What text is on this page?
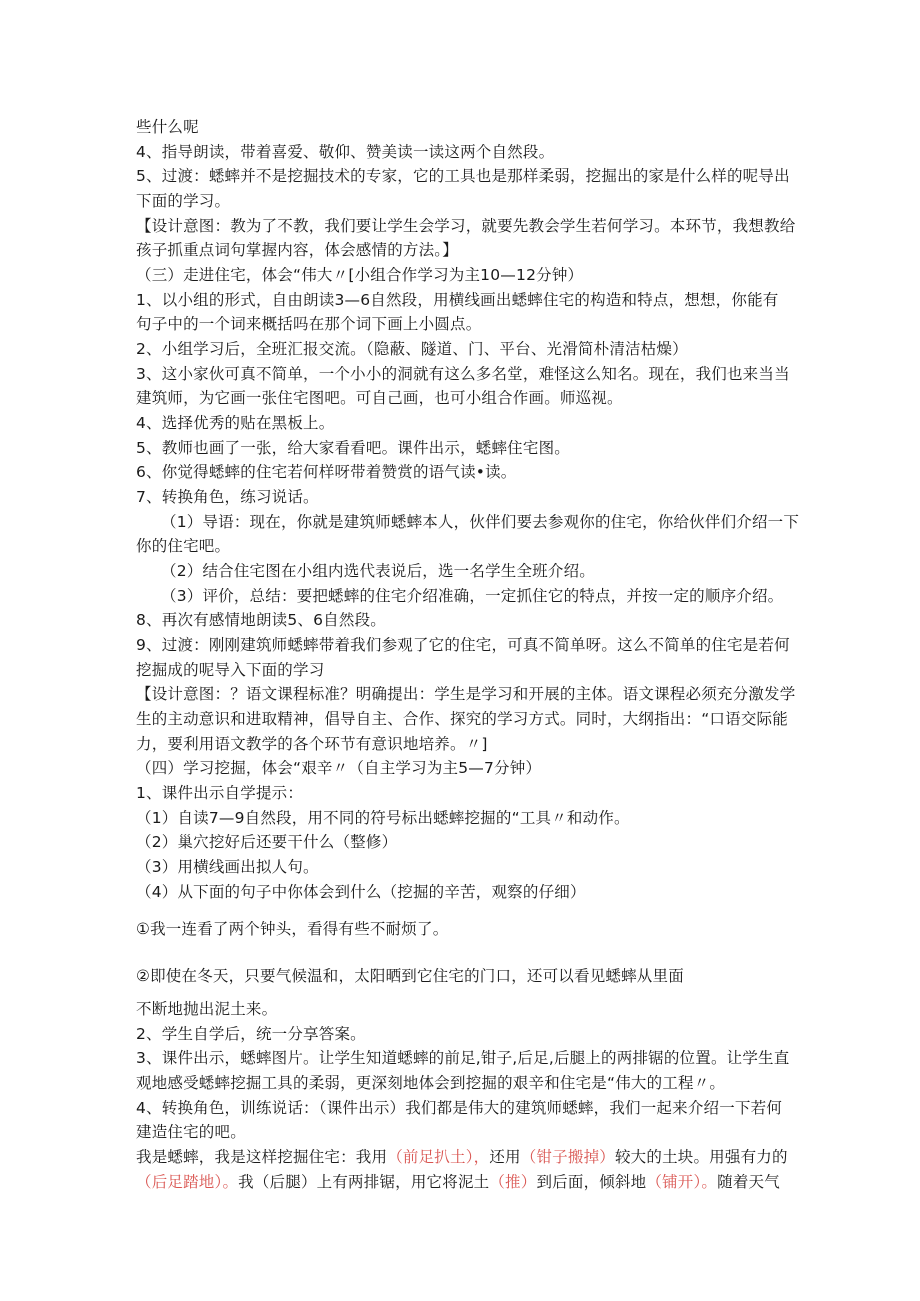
些什么呢
4、指导朗读，带着喜爱、敬仰、赞美读一读这两个自然段。
5、过渡：蟋蟀并不是挖掘技术的专家，它的工具也是那样柔弱，挖掘出的家是什么样的呢导出
下面的学习。
【设计意图：教为了不教，我们要让学生会学习，就要先教会学生若何学习。本环节，我想教给
孩子抓重点词句掌握内容，体会感情的方法。】
（三）走进住宅，体会“伟大〃[小组合作学习为主10—12分钟）
1、以小组的形式，自由朗读3—6自然段，用横线画出蟋蟀住宅的构造和特点，想想，你能有
句子中的一个词来概括吗在那个词下画上小圆点。
2、小组学习后，全班汇报交流。（隐蔽、隧道、门、平台、光滑简朴清洁枯燥）
3、这小家伙可真不简单，一个小小的洞就有这么多名堂，难怪这么知名。现在，我们也来当当
建筑师，为它画一张住宅图吧。可自己画，也可小组合作画。师巡视。
4、选择优秀的贴在黑板上。
5、教师也画了一张，给大家看看吧。课件出示，蟋蟀住宅图。
6、你觉得蟋蟀的住宅若何样呀带着赞赏的语气读•读。
7、转换角色，练习说话。
（1）导语：现在，你就是建筑师蟋蟀本人，伙伴们要去参观你的住宅，你给伙伴们介绍一下
你的住宅吧。
（2）结合住宅图在小组内选代表说后，选一名学生全班介绍。
（3）评价，总结：要把蟋蟀的住宅介绍准确，一定抓住它的特点，并按一定的顺序介绍。
8、再次有感情地朗读5、6自然段。
9、过渡：刚刚建筑师蟋蟀带着我们参观了它的住宅，可真不简单呀。这么不简单的住宅是若何
挖掘成的呢导入下面的学习
【设计意图：？语文课程标准？明确提出：学生是学习和开展的主体。语文课程必须充分激发学
生的主动意识和进取精神，倡导自主、合作、探究的学习方式。同时，大纲指出：“口语交际能
力，要利用语文教学的各个环节有意识地培养。〃]
（四）学习挖掘，体会“艰辛〃（自主学习为主5—7分钟）
1、课件出示自学提示：
（1）自读7—9自然段，用不同的符号标出蟋蟀挖掘的“工具〃和动作。
（2）巢穴挖好后还要干什么（整修）
（3）用横线画出拟人句。
（4）从下面的句子中你体会到什么（挖掘的辛苦，观察的仔细）
①我一连看了两个钟头，看得有些不耐烦了。
②即使在冬天，只要气候温和，太阳晒到它住宅的门口，还可以看见蟋蟀从里面
不断地抛出泥土来。
2、学生自学后，统一分享答案。
3、课件出示，蟋蟀图片。让学生知道蟋蟀的前足,钳子,后足,后腿上的两排锯的位置。让学生直
观地感受蟋蟀挖掘工具的柔弱，更深刻地体会到挖掘的艰辛和住宅是“伟大的工程〃。
4、转换角色，训练说话：（课件出示）我们都是伟大的建筑师蟋蟀，我们一起来介绍一下若何
建造住宅的吧。
我是蟋蟀，我是这样挖掘住宅：我用（前足扒土），还用（钳子搬掉）较大的土块。用强有力的
（后足踏地）。我（后腿）上有两排锯，用它将泥土（推）到后面，倾斜地（铺开）。随着天气
